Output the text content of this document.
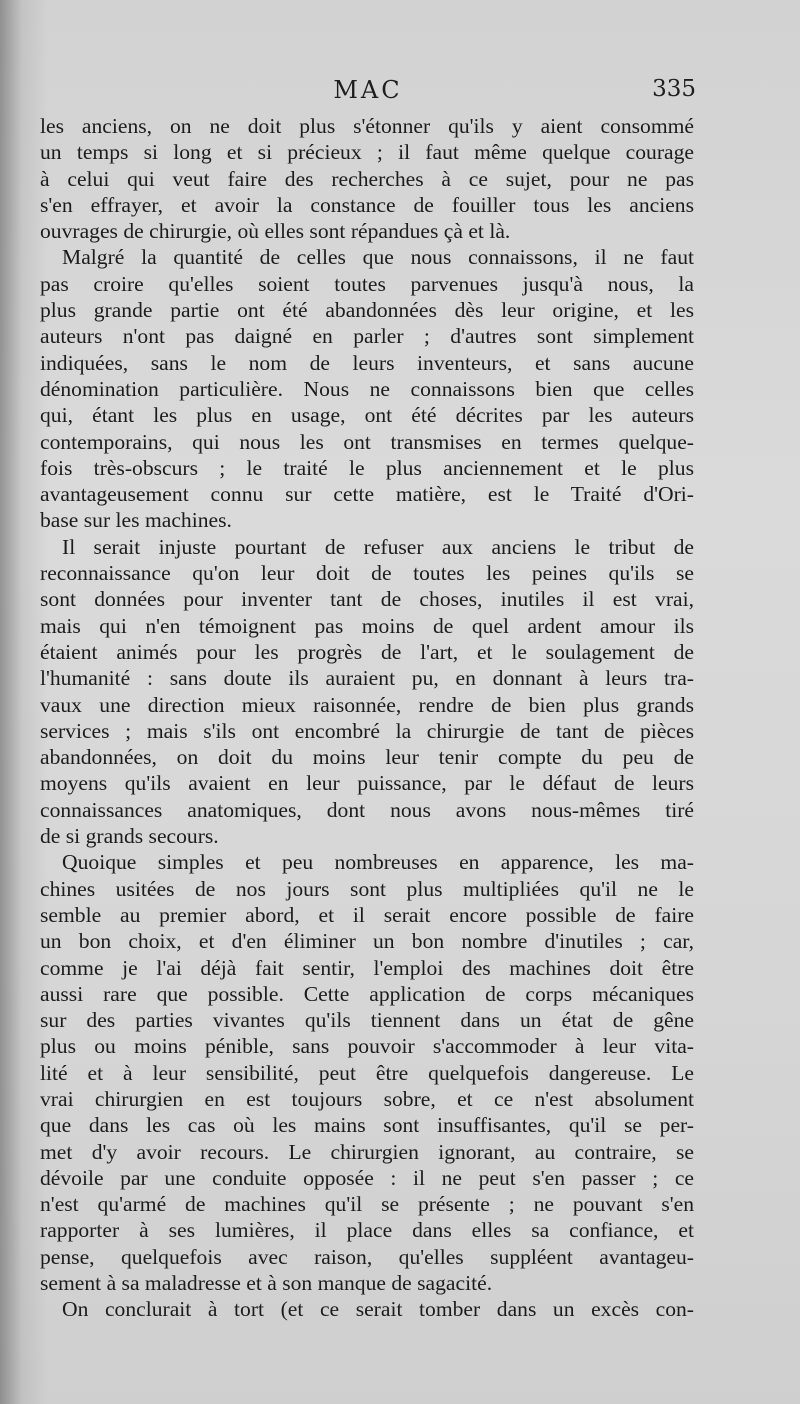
MAC	335
les anciens, on ne doit plus s'étonner qu'ils y aient consommé
un temps si long et si précieux ; il faut même quelque courage
à celui qui veut faire des recherches à ce sujet, pour ne pas
s'en effrayer, et avoir la constance de fouiller tous les anciens
ouvrages de chirurgie, où elles sont répandues çà et là.
Malgré la quantité de celles que nous connaissons, il ne faut
pas croire qu'elles soient toutes parvenues jusqu'à nous, la
plus grande partie ont été abandonnées dès leur origine, et les
auteurs n'ont pas daigné en parler ; d'autres sont simplement
indiquées, sans le nom de leurs inventeurs, et sans aucune
dénomination particulière. Nous ne connaissons bien que celles
qui, étant les plus en usage, ont été décrites par les auteurs
contemporains, qui nous les ont transmises en termes quelque-
fois très-obscurs ; le traité le plus anciennement et le plus
avantageusement connu sur cette matière, est le Traité d'Ori-
base sur les machines.
Il serait injuste pourtant de refuser aux anciens le tribut de
reconnaissance qu'on leur doit de toutes les peines qu'ils se
sont données pour inventer tant de choses, inutiles il est vrai,
mais qui n'en témoignent pas moins de quel ardent amour ils
étaient animés pour les progrès de l'art, et le soulagement de
l'humanité : sans doute ils auraient pu, en donnant à leurs tra-
vaux une direction mieux raisonnée, rendre de bien plus grands
services ; mais s'ils ont encombré la chirurgie de tant de pièces
abandonnées, on doit du moins leur tenir compte du peu de
moyens qu'ils avaient en leur puissance, par le défaut de leurs
connaissances anatomiques, dont nous avons nous-mêmes tiré
de si grands secours.
Quoique simples et peu nombreuses en apparence, les ma-
chines usitées de nos jours sont plus multipliées qu'il ne le
semble au premier abord, et il serait encore possible de faire
un bon choix, et d'en éliminer un bon nombre d'inutiles ; car,
comme je l'ai déjà fait sentir, l'emploi des machines doit être
aussi rare que possible. Cette application de corps mécaniques
sur des parties vivantes qu'ils tiennent dans un état de gêne
plus ou moins pénible, sans pouvoir s'accommoder à leur vita-
lité et à leur sensibilité, peut être quelquefois dangereuse. Le
vrai chirurgien en est toujours sobre, et ce n'est absolument
que dans les cas où les mains sont insuffisantes, qu'il se per-
met d'y avoir recours. Le chirurgien ignorant, au contraire, se
dévoile par une conduite opposée : il ne peut s'en passer ; ce
n'est qu'armé de machines qu'il se présente ; ne pouvant s'en
rapporter à ses lumières, il place dans elles sa confiance, et
pense, quelquefois avec raison, qu'elles suppléent avantageu-
sement à sa maladresse et à son manque de sagacité.
On conclurait à tort (et ce serait tomber dans un excès con-
